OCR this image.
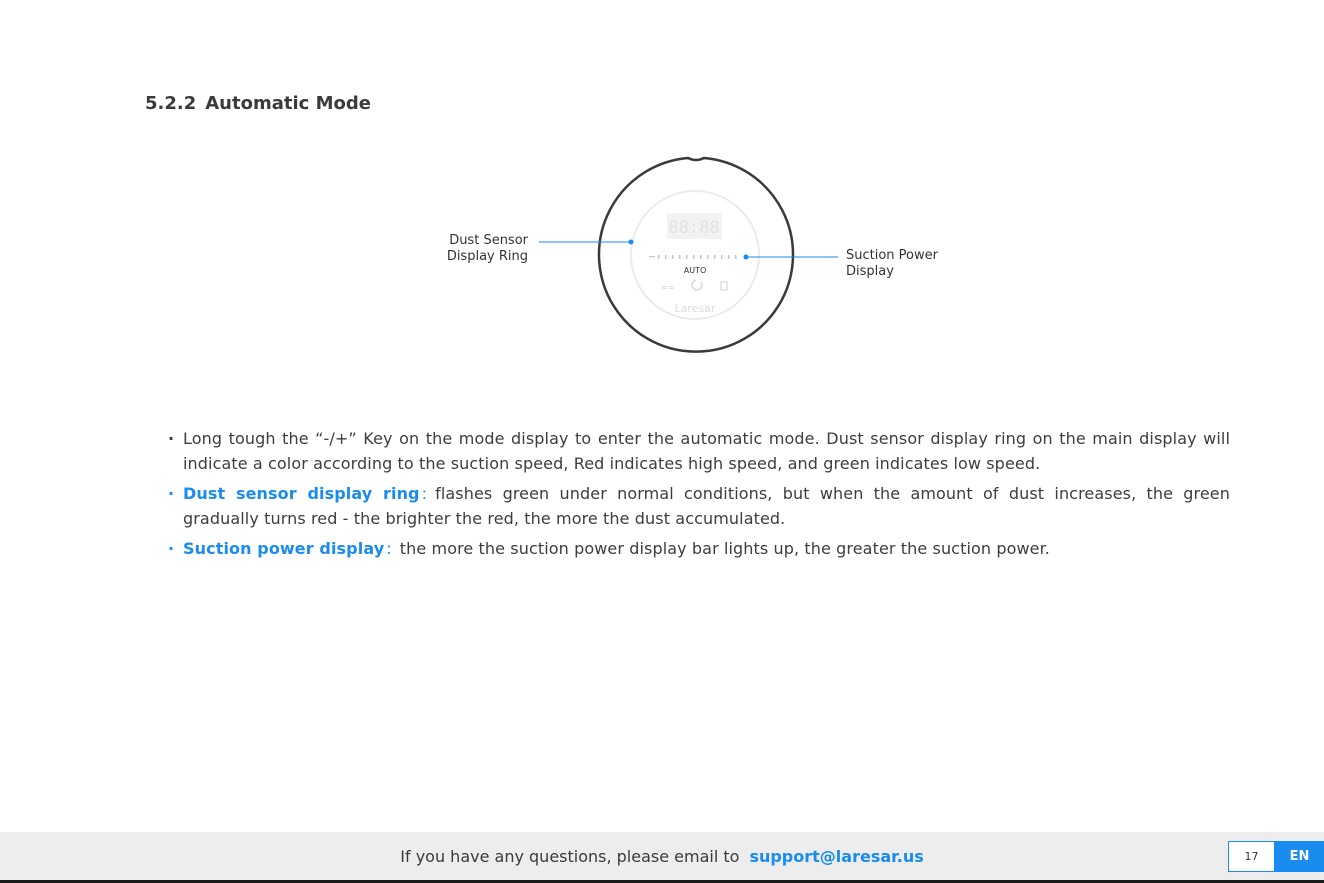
5.2.2 Automatic Mode
88:88
AUTO
≈≈
Laresar
Dust Sensor
Display Ring	Suction Power
Display
· Long tough the “-/+” Key on the mode display to enter the automatic mode. Dust sensor display ring on the main display will indicate a color according to the suction speed, Red indicates high speed, and green indicates low speed.
· Dust sensor display ring : flashes green under normal conditions, but when the amount of dust increases, the green gradually turns red - the brighter the red, the more the dust accumulated.
· Suction power display : the more the suction power display bar lights up, the greater the suction power.
If you have any questions, please email to support@laresar.us	17	EN
